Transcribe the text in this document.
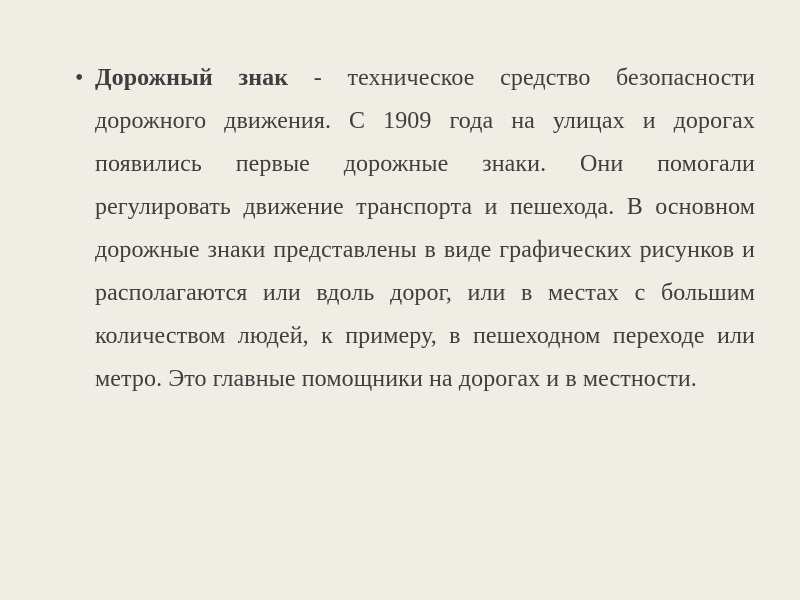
• Дорожный знак - техническое средство безопасности дорожного движения. С 1909 года на улицах и дорогах появились первые дорожные знаки. Они помогали регулировать движение транспорта и пешехода. В основном дорожные знаки представлены в виде графических рисунков и располагаются или вдоль дорог, или в местах с большим количеством людей, к примеру, в пешеходном переходе или метро. Это главные помощники на дорогах и в местности.
